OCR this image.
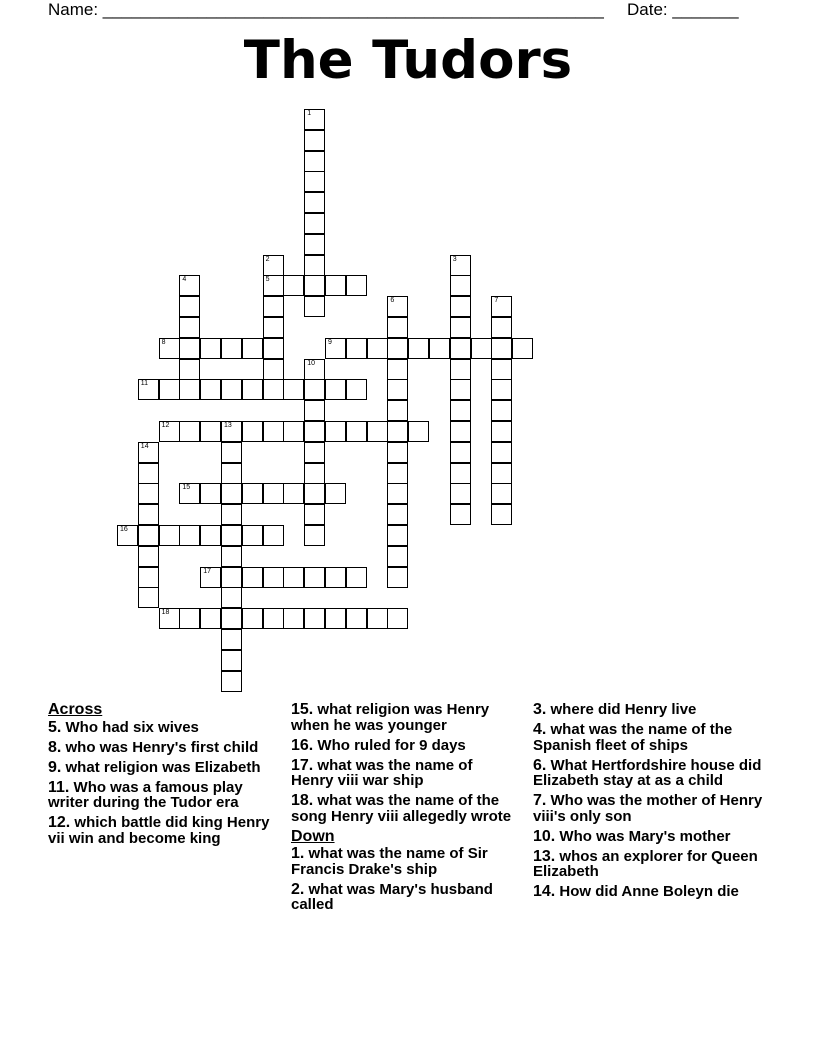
Name: _____________________________________________________ Date: _______
The Tudors
1
2
5
3
4
6	7
8	9
10
11
12	13
14
15
16
17
18
Across
5. Who had six wives
8. who was Henry's first child
9. what religion was Elizabeth
11. Who was a famous play writer during the Tudor era
12. which battle did king Henry vii win and become king
15. what religion was Henry when he was younger
16. Who ruled for 9 days
17. what was the name of Henry viii war ship
18. what was the name of the song Henry viii allegedly wrote
Down
1. what was the name of Sir Francis Drake's ship
2. what was Mary's husband called
3. where did Henry live
4. what was the name of the Spanish fleet of ships
6. What Hertfordshire house did Elizabeth stay at as a child
7. Who was the mother of Henry viii's only son
10. Who was Mary's mother
13. whos an explorer for Queen Elizabeth
14. How did Anne Boleyn die
